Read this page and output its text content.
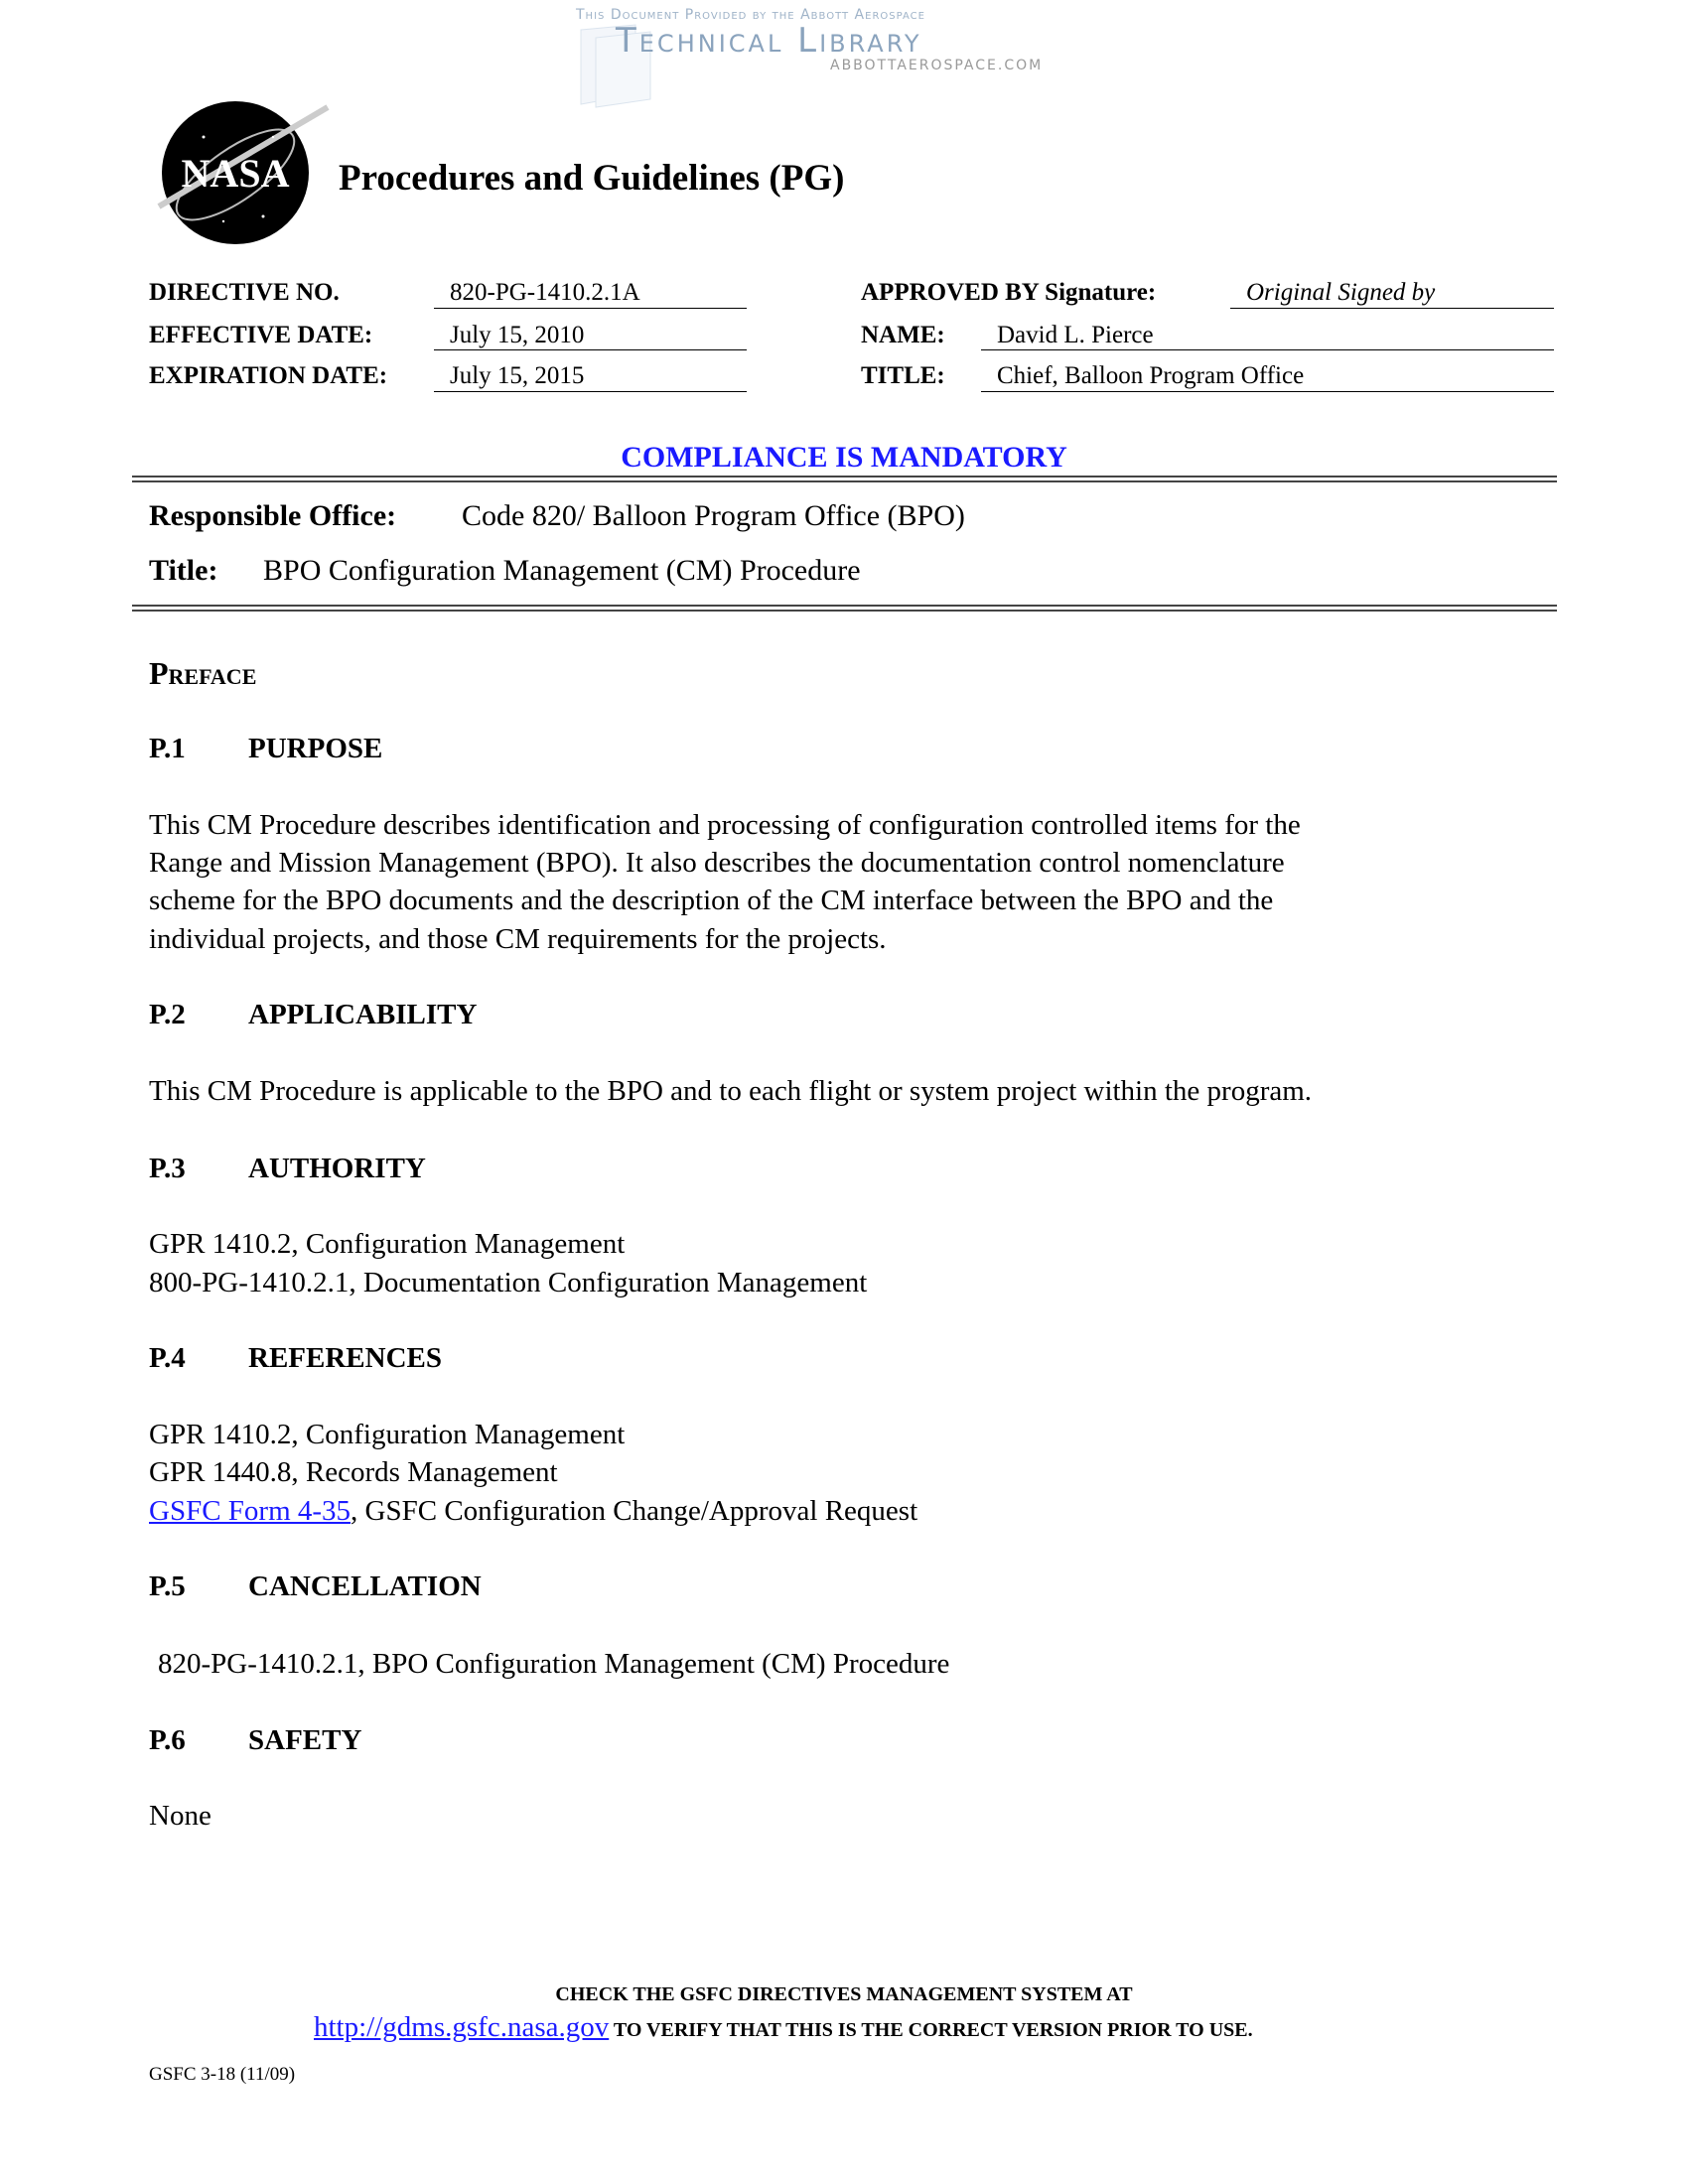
This Document Provided by the Abbott Aerospace
Technical Library
ABBOTTAEROSPACE.COM
NASA Procedures and Guidelines (PG)
DIRECTIVE NO.	820-PG-1410.2.1A
EFFECTIVE DATE:	July 15, 2010
EXPIRATION DATE:	July 15, 2015
APPROVED BY Signature:	Original Signed by
NAME: David L. Pierce
TITLE: Chief, Balloon Program Office
COMPLIANCE IS MANDATORY
Responsible Office: Code 820/ Balloon Program Office (BPO)
Title: BPO Configuration Management (CM) Procedure
Preface
P.1 PURPOSE
This CM Procedure describes identification and processing of configuration controlled items for the
Range and Mission Management (BPO). It also describes the documentation control nomenclature
scheme for the BPO documents and the description of the CM interface between the BPO and the
individual projects, and those CM requirements for the projects.
P.2 APPLICABILITY
This CM Procedure is applicable to the BPO and to each flight or system project within the program.
P.3 AUTHORITY
GPR 1410.2, Configuration Management
800-PG-1410.2.1, Documentation Configuration Management
P.4 REFERENCES
GPR 1410.2, Configuration Management
GPR 1440.8, Records Management
GSFC Form 4-35, GSFC Configuration Change/Approval Request
P.5 CANCELLATION
820-PG-1410.2.1, BPO Configuration Management (CM) Procedure
P.6 SAFETY
None
CHECK THE GSFC DIRECTIVES MANAGEMENT SYSTEM AT
http://gdms.gsfc.nasa.gov TO VERIFY THAT THIS IS THE CORRECT VERSION PRIOR TO USE.
GSFC 3-18 (11/09)
